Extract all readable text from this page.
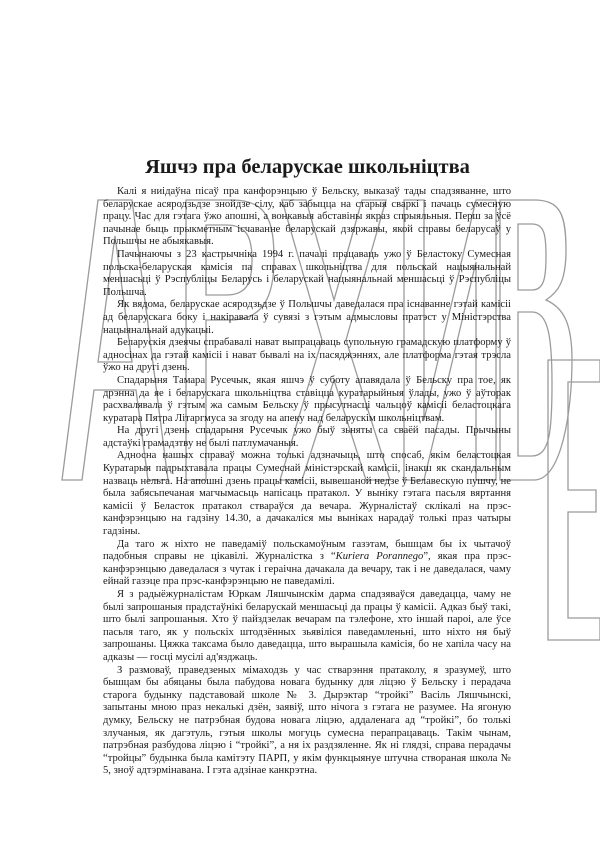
Яшчэ пра беларускае школьніцтва

Калі я ниідаўна пісаў пра канфорэнцыю ў Бельску, выказаў тады спадзяванне, што беларускае асяродзьдзе знойдзе сілу, каб забыцца на старыя сваркі і пачаць сумесную працу. Час для гэтага ўжо апошні, а вонкавыя абставіны якраз спрыяльныя. Перш за ўсё пачынае быць прыкметным ісчаванне беларускай дзяржавы, якой справы беларусаў у Польшчы не абыякавыя.

Пачынаючы з 23 кастрычніка 1994 г. пачалі працаваць ужо ў Беластоку Сумесная польска-беларуская камісія па справах школьніцтва для польскай нацыянальнай меншасьці ў Рэспубліцы Беларусь і беларускай нацыянальнай меншасьці ў Рэспубліцы Польшча.

Як вядома, беларускае асяродзьдзе ў Польшчы даведалася пра існаванне гэтай камісіі ад беларускага боку і накіравала ў сувязі з гэтым адмысловы пратэст у Міністэрства нацыянальнай адукацыі.

Беларускія дзеячы спрабавалі нават выпрацаваць супольную грамадскую платформу ў адносінах да гэтай камісіі і нават бывалі на іх пасяджэннях, але платформа гэтая трэсла ўжо на другі дзень.

Спадарыня Тамара Русечык, якая яшчэ ў суботу апавядала ў Бельску пра тое, як дрэнна да яе і беларускага школьніцтва ставіцца куратарыйныя ўлады, ужо ў аўторак расхвалявала ў гэтым жа самым Бельску ў прысутнасці чальцоў камісіі беластоцкага куратара Пятра Літаргмуса за згоду на апеку над беларускім школьніцтвам.

На другі дзень спадарыня Русечык ужо быў зьняты са сваёй пасады. Прычыны адстаўкі грамадзтву не былі патлумачаныя.

Адносна нашых справаў можна толькі адзначыць, што спосаб, якім беластоцкая Куратарыя падрыхтавала працы Сумеснай міністэрскай камісіі, інакш як скандальным назваць нельга. На апошні дзень працы камісіі, вывешаной недзе ў Белавескую пушчу, не была забясьпечаная магчымасьць напісаць пратакол. У выніку гэтага пасьля вяртання камісіі ў Беласток пратакол ствараўся да вечара. Журналістаў склікалі на прэс-канфэрэнцыю на гадзіну 14.30, а дачакаліся мы выніках нарадаў толькі праз чатыры гадзіны.

Да таго ж ніхто не паведаміў польскамоўным газэтам, бышцам бы іх чытачоў падобныя справы не цікавілі. Журналістка з “Kuriera Porannego”, якая пра прэс-канфэрэнцыю даведалася з чутак і гераічна дачакала да вечару, так і не даведалася, чаму ейнай газэце пра прэс-канфэрэнцыю не паведамілі.

Я з радыёжурналістам Юркам Ляшчынскім дарма спадзяваўся даведацца, чаму не былі запрошаныя прадстаўнікі беларускай меншасьці да працы ў камісіі. Адказ быў такі, што былі запрошаныя. Хто ў пайздзелак вечарам па тэлефоне, хто іншай пароі, але ўсе пасьля таго, як у польскіх штодзённых зьявіліся паведамленьні, што ніхто ня быў запрошаны. Цяжка таксама было даведацца, што вырашыла камісія, бо не хапіла часу на адказы — госці мусілі ад'язджаць.

З размоваў, праведзеных мімаходзь у час стварэння пратаколу, я зразумеў, што бышцам бы абяцаны была пабудова новага будынку для ліцэю ў Бельску і перадача старога будынку падставовай школе № 3. Дырэктар “тройкі” Васіль Ляшчынскі, запытаны мною праз некалькі дзён, заявіў, што нічога з гэтага не разумее. На ягоную думку, Бельску не патрэбная будова новага ліцэю, аддаленага ад “тройкі”, бо толькі злучаныя, як дагэтуль, гэтыя школы могуць сумесна перапрацаваць. Такім чынам, патрэбная разбудова ліцэю і “тройкі”, а ня іх раздзяленне. Як ні глядзі, справа перадачы “тройцы” будынка была камітэту ПАРП, у якім функцыянуе штучна створаная школа № 5, зноў адтэрмінавана. І гэта адзінае канкрэтна.
